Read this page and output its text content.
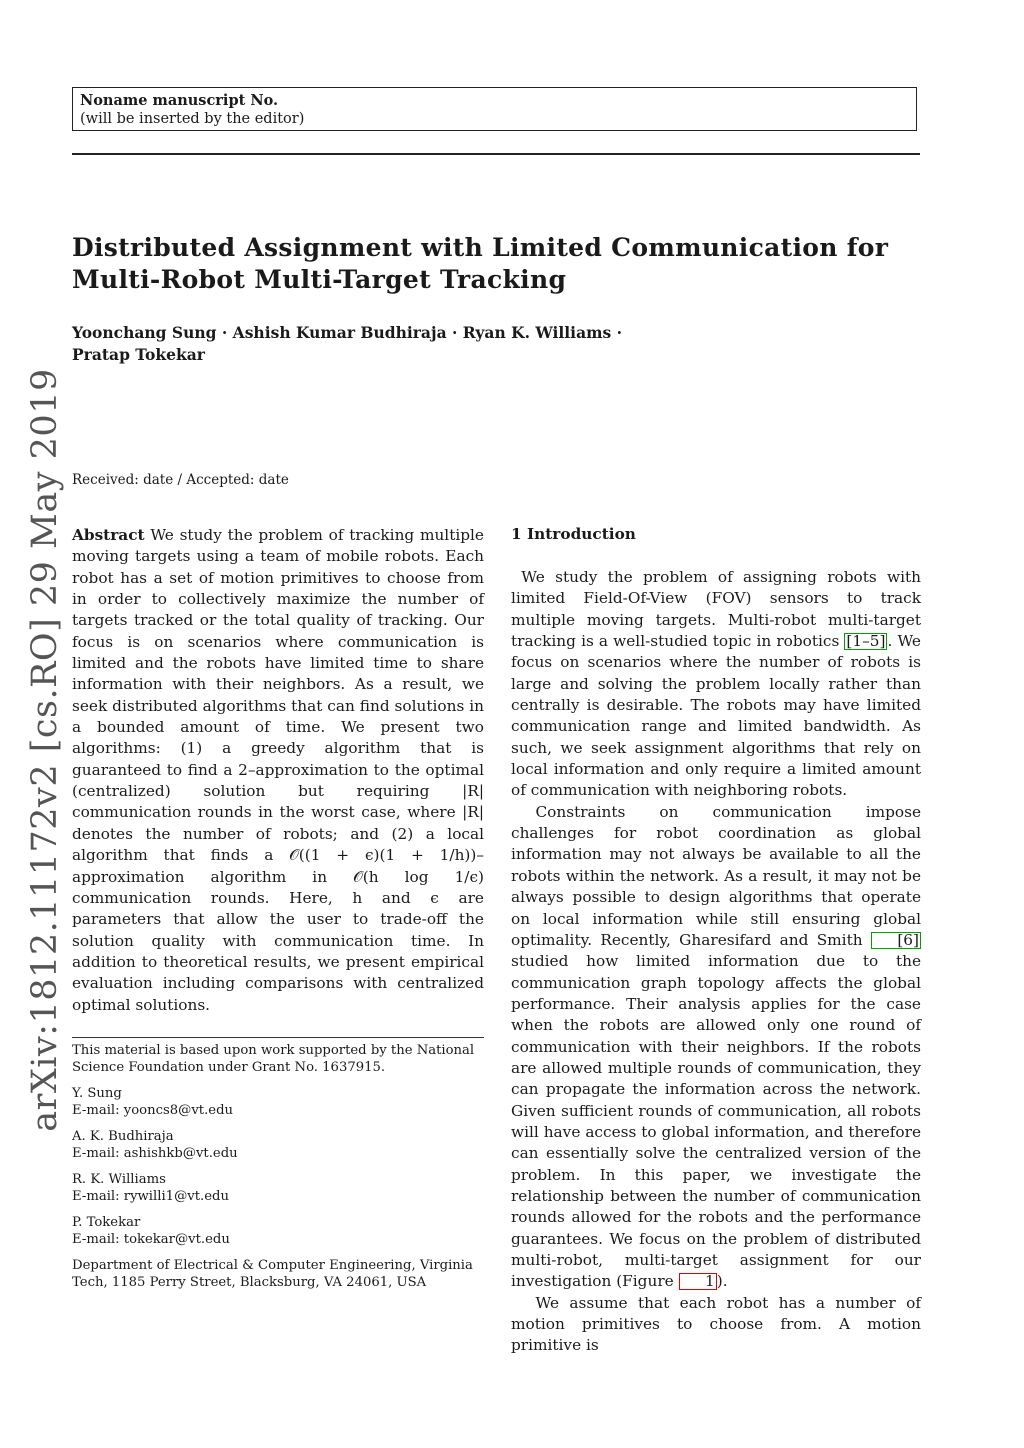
Noname manuscript No.
(will be inserted by the editor)
Distributed Assignment with Limited Communication for
Multi-Robot Multi-Target Tracking
Yoonchang Sung · Ashish Kumar Budhiraja · Ryan K. Williams ·
Pratap Tokekar
arXiv:1812.11172v2 [cs.RO] 29 May 2019 Received: date / Accepted: date

Abstract We study the problem of tracking multiple moving targets using a team of mobile robots. Each robot has a set of motion primitives to choose from in order to collectively maximize the number of targets tracked or the total quality of tracking. Our focus is on scenarios where communication is limited and the robots have limited time to share information with their neighbors. As a result, we seek distributed algorithms that can find solutions in a bounded amount of time. We present two algorithms: (1) a greedy algorithm that is guaranteed to find a 2–approximation to the optimal (centralized) solution but requiring |R| communication rounds in the worst case, where |R| denotes the number of robots; and (2) a local algorithm that finds a 𝒪((1 + ϵ)(1 + 1/h))–approximation algorithm in 𝒪(h log 1/ϵ) communication rounds. Here, h and ϵ are parameters that allow the user to trade-off the solution quality with communication time. In addition to theoretical results, we present empirical evaluation including comparisons with centralized optimal solutions.

This material is based upon work supported by the National Science Foundation under Grant No. 1637915.

Y. Sung
E-mail: yooncs8@vt.edu

A. K. Budhiraja
E-mail: ashishkb@vt.edu

R. K. Williams
E-mail: rywilli1@vt.edu

P. Tokekar
E-mail: tokekar@vt.edu

Department of Electrical & Computer Engineering, Virginia Tech, 1185 Perry Street, Blacksburg, VA 24061, USA

1 Introduction

We study the problem of assigning robots with limited Field-Of-View (FOV) sensors to track multiple moving targets. Multi-robot multi-target tracking is a well-studied topic in robotics [1–5] . We focus on scenarios where the number of robots is large and solving the problem locally rather than centrally is desirable. The robots may have limited communication range and limited bandwidth. As such, we seek assignment algorithms that rely on local information and only require a limited amount of communication with neighboring robots.

Constraints on communication impose challenges for robot coordination as global information may not always be available to all the robots within the network. As a result, it may not be always possible to design algorithms that operate on local information while still ensuring global optimality. Recently, Gharesifard and Smith [6] studied how limited information due to the communication graph topology affects the global performance. Their analysis applies for the case when the robots are allowed only one round of communication with their neighbors. If the robots are allowed multiple rounds of communication, they can propagate the information across the network. Given sufficient rounds of communication, all robots will have access to global information, and therefore can essentially solve the centralized version of the problem. In this paper, we investigate the relationship between the number of communication rounds allowed for the robots and the performance guarantees. We focus on the problem of distributed multi-robot, multi-target assignment for our investigation (Figure 1 ).

We assume that each robot has a number of motion primitives to choose from. A motion primitive is
